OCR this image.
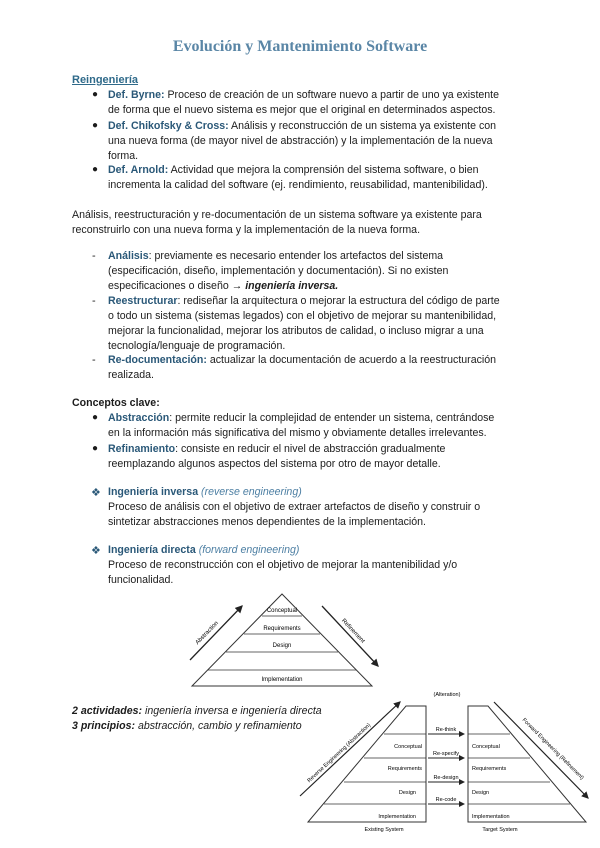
Evolución y Mantenimiento Software
Reingeniería
● Def. Byrne: Proceso de creación de un software nuevo a partir de uno ya existente
de forma que el nuevo sistema es mejor que el original en determinados aspectos.
● Def. Chikofsky & Cross: Análisis y reconstrucción de un sistema ya existente con
una nueva forma (de mayor nivel de abstracción) y la implementación de la nueva
forma.
● Def. Arnold: Actividad que mejora la comprensión del sistema software, o bien
incrementa la calidad del software (ej. rendimiento, reusabilidad, mantenibilidad).
Análisis, reestructuración y re-documentación de un sistema software ya existente para
reconstruirlo con una nueva forma y la implementación de la nueva forma.
- Análisis: previamente es necesario entender los artefactos del sistema
(especificación, diseño, implementación y documentación). Si no existen
especificaciones o diseño → ingeniería inversa.
- Reestructurar: rediseñar la arquitectura o mejorar la estructura del código de parte
o todo un sistema (sistemas legados) con el objetivo de mejorar su mantenibilidad,
mejorar la funcionalidad, mejorar los atributos de calidad, o incluso migrar a una
tecnología/lenguaje de programación.
- Re-documentación: actualizar la documentación de acuerdo a la reestructuración
realizada.
Conceptos clave:
● Abstracción: permite reducir la complejidad de entender un sistema, centrándose
en la información más significativa del mismo y obviamente detalles irrelevantes.
● Refinamiento: consiste en reducir el nivel de abstracción gradualmente
reemplazando algunos aspectos del sistema por otro de mayor detalle.
❖ Ingeniería inversa (reverse engineering)
Proceso de análisis con el objetivo de extraer artefactos de diseño y construir o
sintetizar abstracciones menos dependientes de la implementación.
❖ Ingeniería directa (forward engineering)
Proceso de reconstrucción con el objetivo de mejorar la mantenibilidad y/o
funcionalidad.
Conceptual
Requirements
Design
Implementation
Abstraction	Refinement
2 actividades: ingeniería inversa e ingeniería directa
3 principios: abstracción, cambio y refinamiento
Conceptual
Requirements
Design
Implementation
Conceptual
Requirements
Design
Implementation
(Alteration)
Re-think
Re-specify
Re-design
Re-code
Reverse Engineering (Abstraction)	Forward Engineering (Refinement)
Existing System	Target System
